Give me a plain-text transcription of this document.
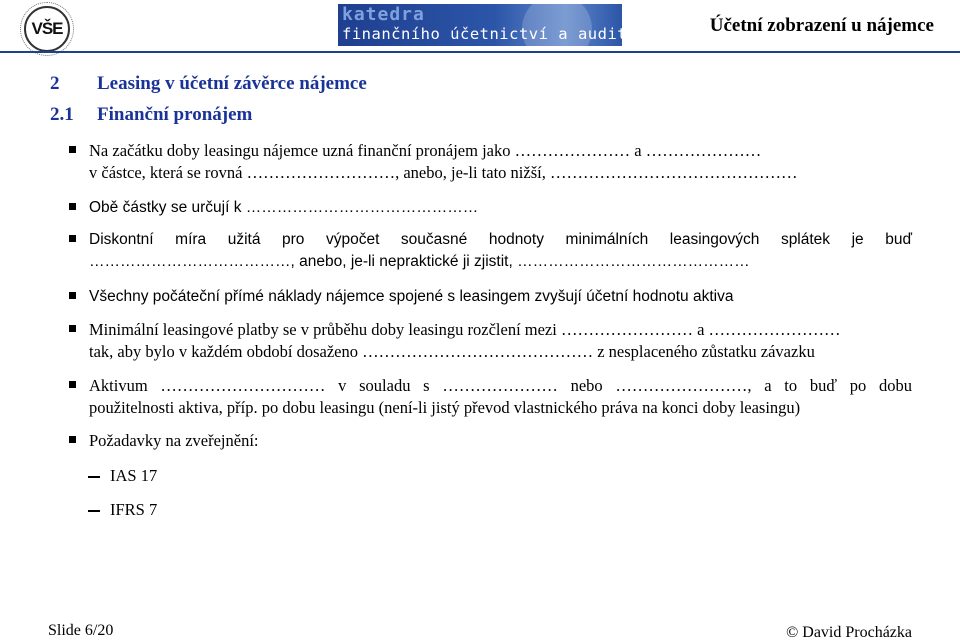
VŠE
katedra
finančního účetnictví a auditingu Účetní zobrazení u nájemce
2 Leasing v účetní závěrce nájemce
2.1 Finanční pronájem
Na začátku doby leasingu nájemce uzná finanční pronájem jako ………………… a …………………
v částce, která se rovná ………………………, anebo, je-li tato nižší, ………………………………………
Obě částky se určují k ………………………………………
Diskontní míra užitá pro výpočet současné hodnoty minimálních leasingových splátek je buď
…………………………………, anebo, je-li nepraktické ji zjistit, ………………………………………
Všechny počáteční přímé náklady nájemce spojené s leasingem zvyšují účetní hodnotu aktiva
Minimální leasingové platby se v průběhu doby leasingu rozčlení mezi …………………… a ……………………
tak, aby bylo v každém období dosaženo …………………………………… z nesplaceného zůstatku závazku
Aktivum ………………………… v souladu s ………………… nebo ……………………, a to buď po dobu
použitelnosti aktiva, příp. po dobu leasingu (není-li jistý převod vlastnického práva na konci doby leasingu)
Požadavky na zveřejnění:
IAS 17
IFRS 7
Slide 6/20	© David Procházka
